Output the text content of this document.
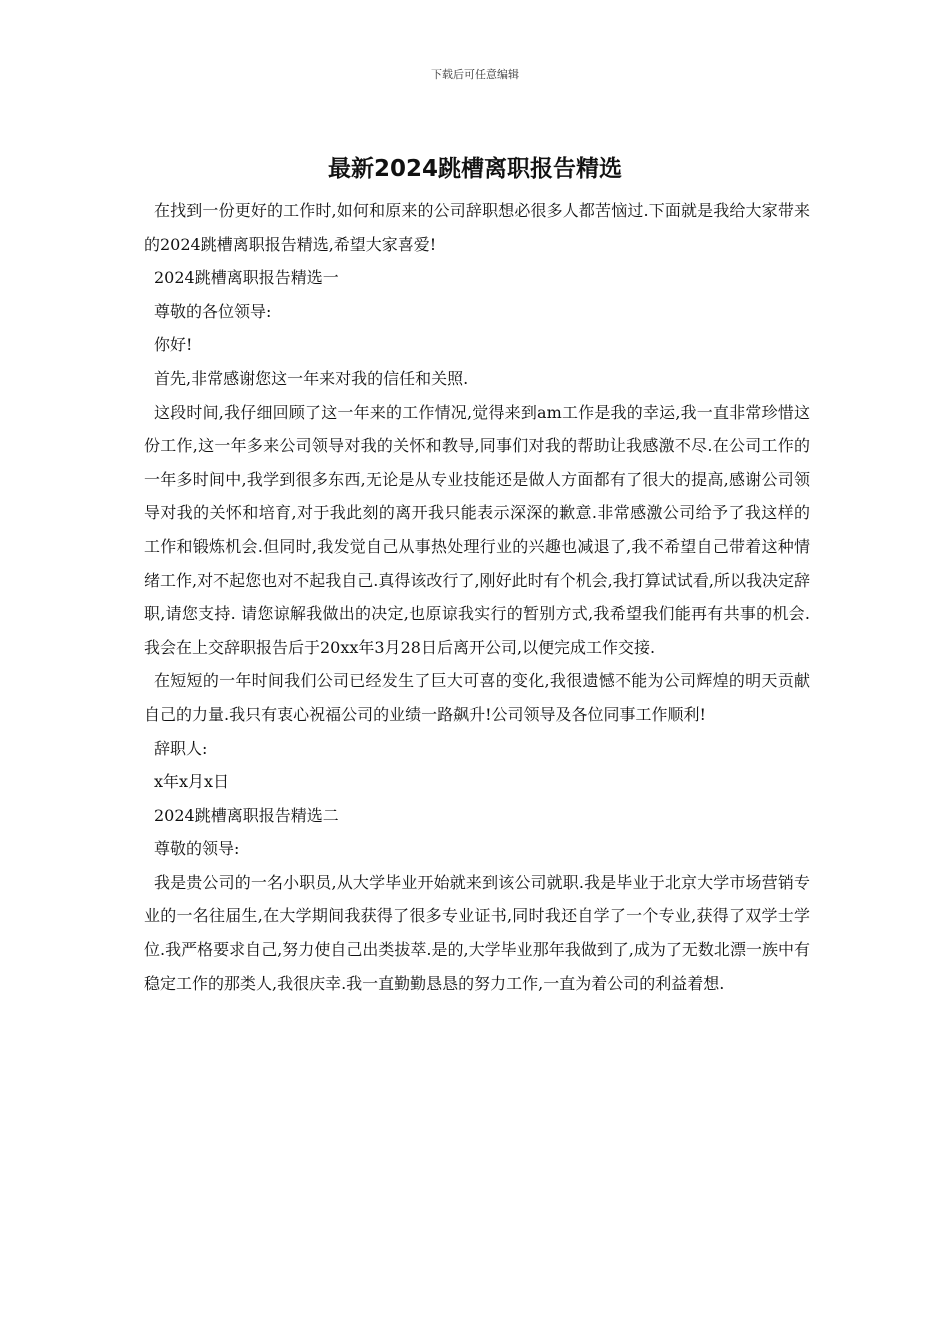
下载后可任意编辑
最新2024跳槽离职报告精选

在找到一份更好的工作时,如何和原来的公司辞职想必很多人都苦恼过.下面就是我给大家带来的2024跳槽离职报告精选,希望大家喜爱!

2024跳槽离职报告精选一

尊敬的各位领导:

你好!

首先,非常感谢您这一年来对我的信任和关照.

这段时间,我仔细回顾了这一年来的工作情况,觉得来到am工作是我的幸运,我一直非常珍惜这份工作,这一年多来公司领导对我的关怀和教导,同事们对我的帮助让我感激不尽.在公司工作的一年多时间中,我学到很多东西,无论是从专业技能还是做人方面都有了很大的提高,感谢公司领导对我的关怀和培育,对于我此刻的离开我只能表示深深的歉意.非常感激公司给予了我这样的工作和锻炼机会.但同时,我发觉自己从事热处理行业的兴趣也减退了,我不希望自己带着这种情绪工作,对不起您也对不起我自己.真得该改行了,刚好此时有个机会,我打算试试看,所以我决定辞职,请您支持. 请您谅解我做出的决定,也原谅我实行的暂别方式,我希望我们能再有共事的机会.我会在上交辞职报告后于20xx年3月28日后离开公司,以便完成工作交接.

在短短的一年时间我们公司已经发生了巨大可喜的变化,我很遗憾不能为公司辉煌的明天贡献自己的力量.我只有衷心祝福公司的业绩一路飙升!公司领导及各位同事工作顺利!

辞职人:

x年x月x日

2024跳槽离职报告精选二

尊敬的领导:

我是贵公司的一名小职员,从大学毕业开始就来到该公司就职.我是毕业于北京大学市场营销专业的一名往届生,在大学期间我获得了很多专业证书,同时我还自学了一个专业,获得了双学士学位.我严格要求自己,努力使自己出类拔萃.是的,大学毕业那年我做到了,成为了无数北漂一族中有稳定工作的那类人,我很庆幸.我一直勤勤恳恳的努力工作,一直为着公司的利益着想.
